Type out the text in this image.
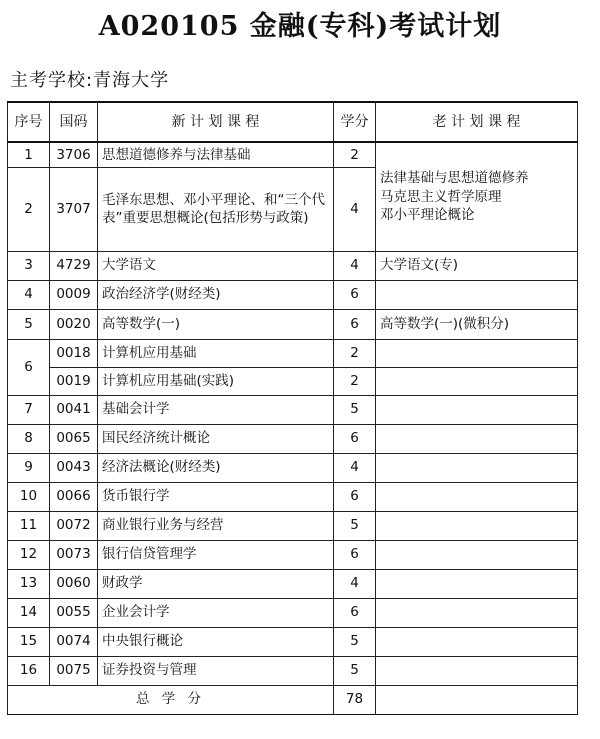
A020105 金融(专科)考试计划
主考学校:青海大学
序号	国码	新 计 划 课 程	学分	老 计 划 课 程
1	3706	思想道德修养与法律基础	2	法律基础与思想道德修养
马克思主义哲学原理
邓小平理论概论

2	3707	毛泽东思想、邓小平理论、和“三个代表”重要思想概论(包括形势与政策)	4	
3	4729	大学语文	4	大学语文(专)
4	0009	政治经济学(财经类)	6	
5	0020	高等数学(一)	6	高等数学(一)(微积分)
6	0018	计算机应用基础	2	
	0019	计算机应用基础(实践)	2	
7	0041	基础会计学	5	
8	0065	国民经济统计概论	6	
9	0043	经济法概论(财经类)	4	
10	0066	货币银行学	6	
11	0072	商业银行业务与经营	5	
12	0073	银行信贷管理学	6	
13	0060	财政学	4	
14	0055	企业会计学	6	
15	0074	中央银行概论	5	
16	0075	证券投资与管理	5	
总 学 分			78	
